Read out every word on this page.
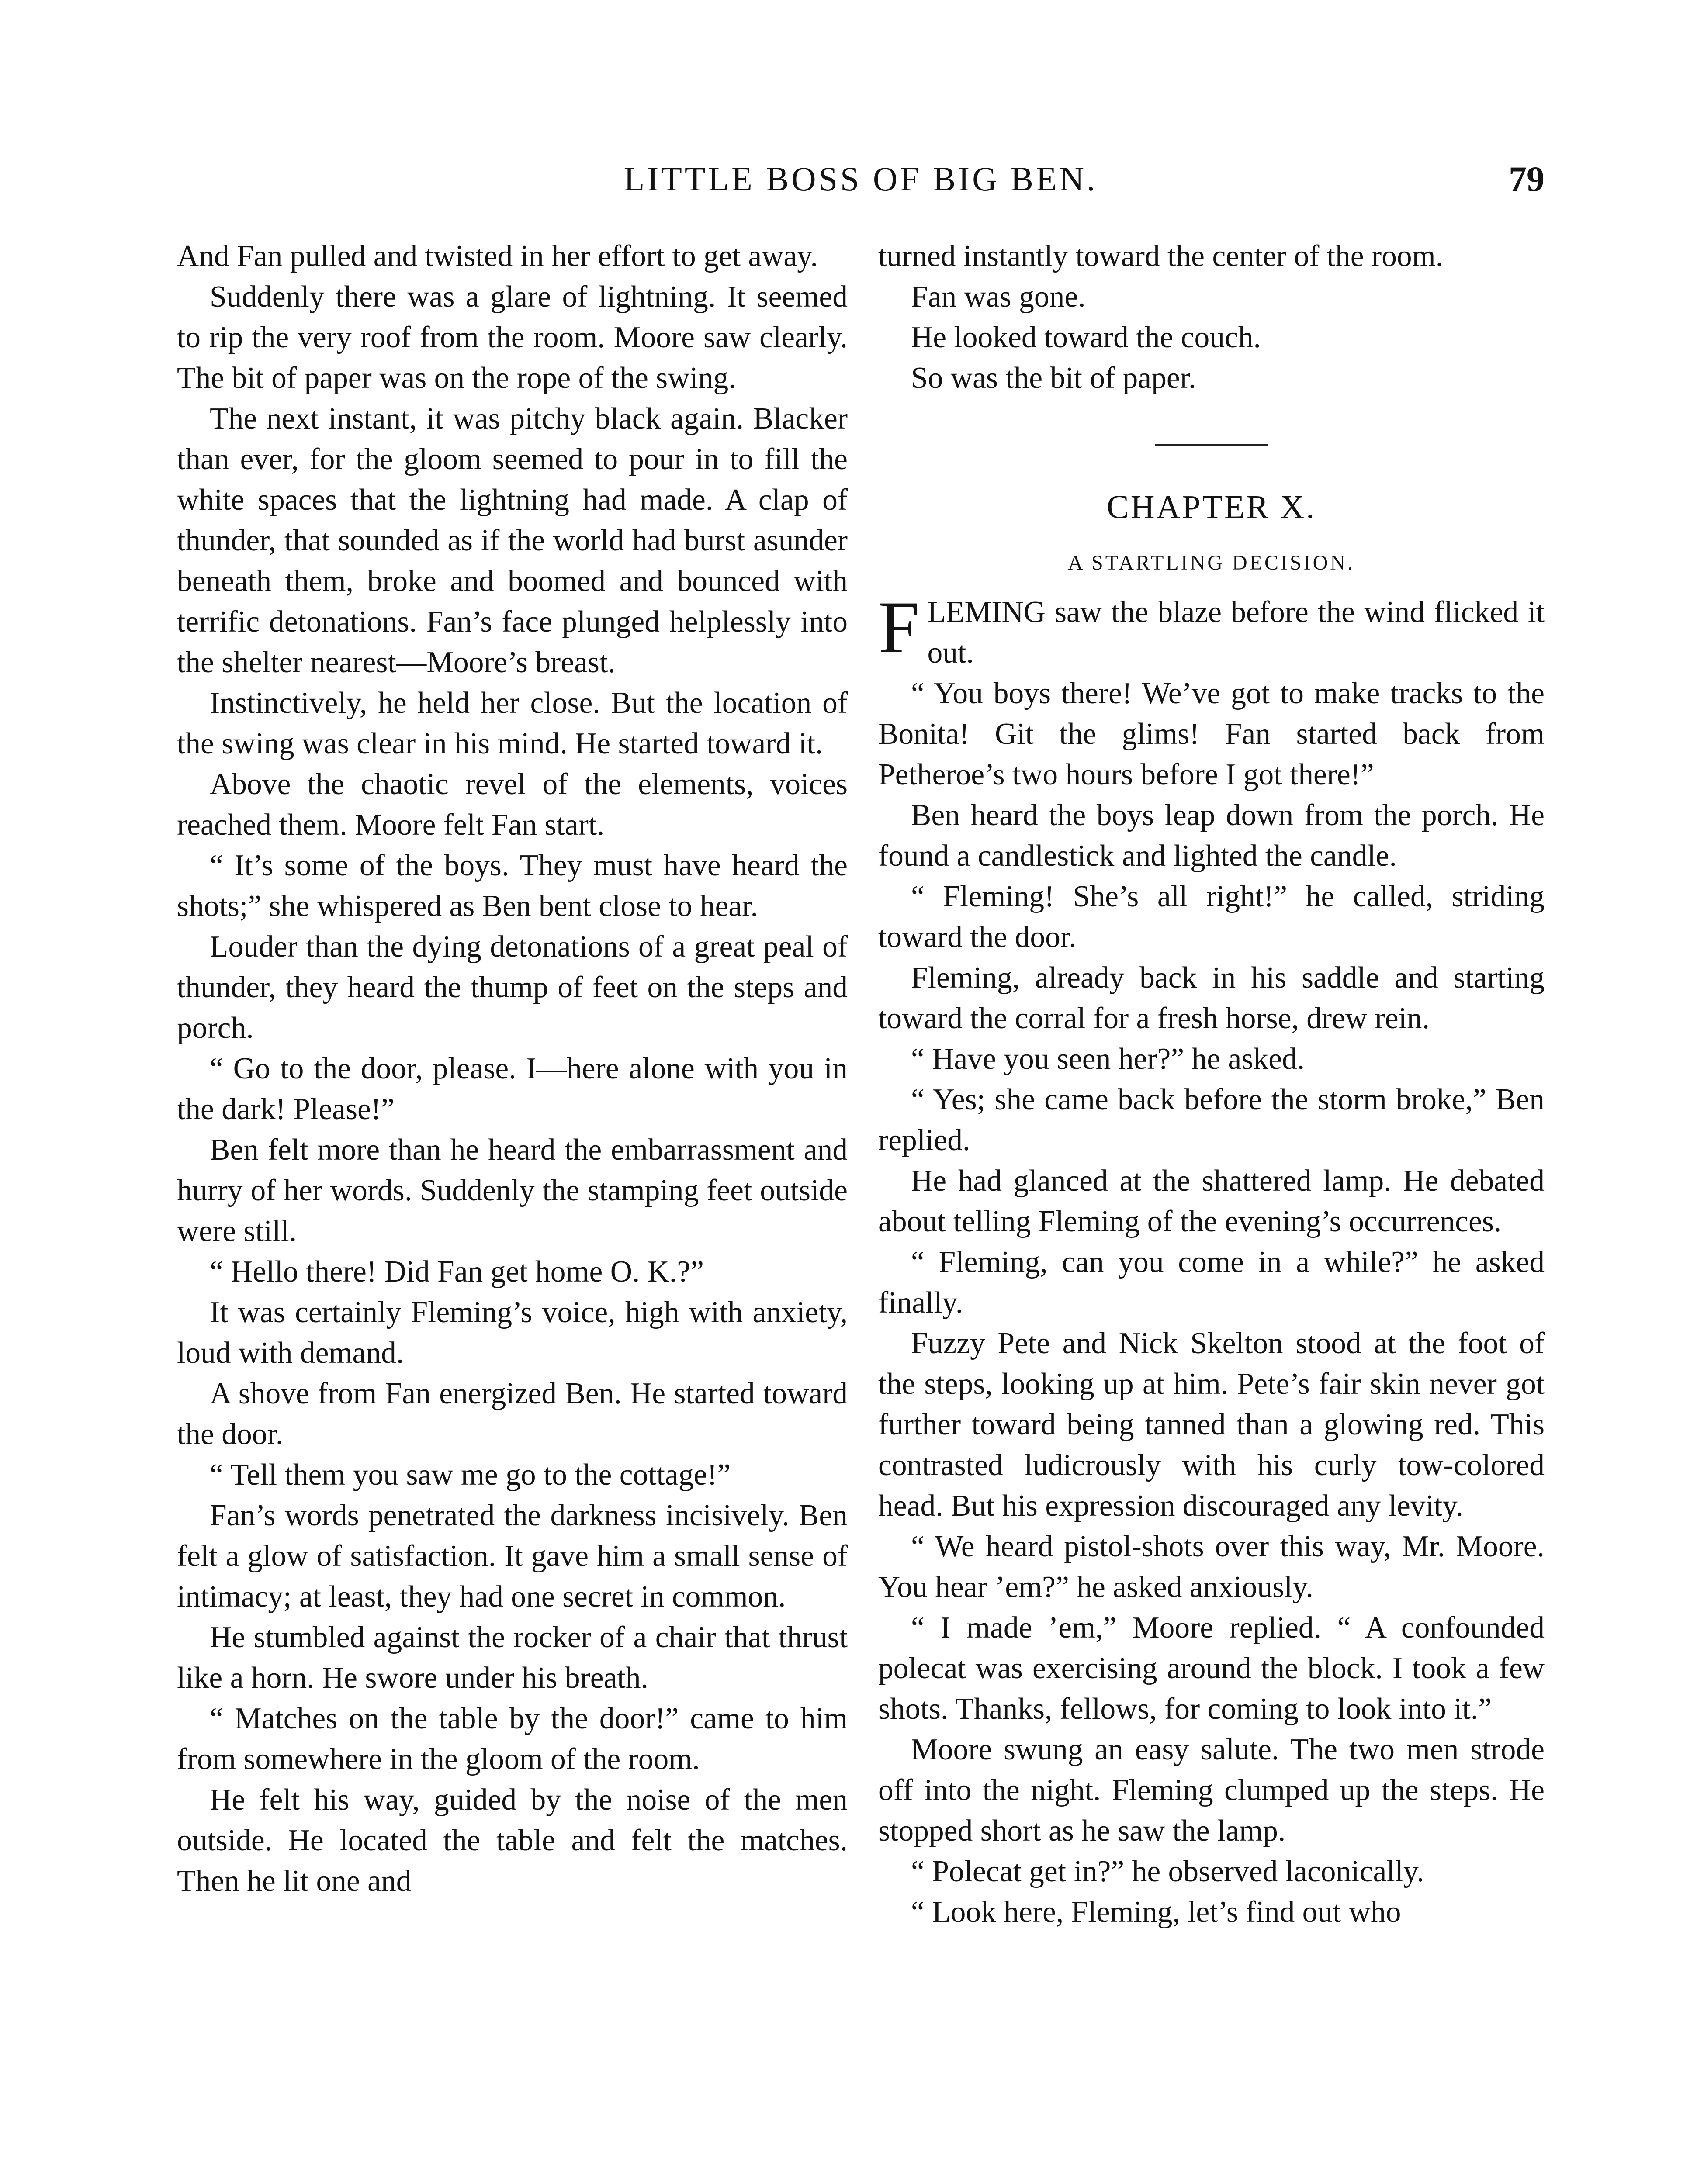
LITTLE BOSS OF BIG BEN.	79

And Fan pulled and twisted in her effort to get away.

Suddenly there was a glare of lightning. It seemed to rip the very roof from the room. Moore saw clearly. The bit of paper was on the rope of the swing.

The next instant, it was pitchy black again. Blacker than ever, for the gloom seemed to pour in to fill the white spaces that the lightning had made. A clap of thunder, that sounded as if the world had burst asunder beneath them, broke and boomed and bounced with terrific detonations. Fan’s face plunged helplessly into the shelter nearest—Moore’s breast.

Instinctively, he held her close. But the location of the swing was clear in his mind. He started toward it.

Above the chaotic revel of the elements, voices reached them. Moore felt Fan start.

“ It’s some of the boys. They must have heard the shots;” she whispered as Ben bent close to hear.

Louder than the dying detonations of a great peal of thunder, they heard the thump of feet on the steps and porch.

“ Go to the door, please. I—here alone with you in the dark! Please!”

Ben felt more than he heard the embarrassment and hurry of her words. Suddenly the stamping feet outside were still.

“ Hello there! Did Fan get home O. K.?”

It was certainly Fleming’s voice, high with anxiety, loud with demand.

A shove from Fan energized Ben. He started toward the door.

“ Tell them you saw me go to the cottage!”

Fan’s words penetrated the darkness incisively. Ben felt a glow of satisfaction. It gave him a small sense of intimacy; at least, they had one secret in common.

He stumbled against the rocker of a chair that thrust like a horn. He swore under his breath.

“ Matches on the table by the door!” came to him from somewhere in the gloom of the room.

He felt his way, guided by the noise of the men outside. He located the table and felt the matches. Then he lit one and

turned instantly toward the center of the room.

Fan was gone.

He looked toward the couch.

So was the bit of paper.

CHAPTER X.
A STARTLING DECISION.

FLEMING saw the blaze before the wind flicked it out.

“ You boys there! We’ve got to make tracks to the Bonita! Git the glims! Fan started back from Petheroe’s two hours before I got there!”

Ben heard the boys leap down from the porch. He found a candlestick and lighted the candle.

“ Fleming! She’s all right!” he called, striding toward the door.

Fleming, already back in his saddle and starting toward the corral for a fresh horse, drew rein.

“ Have you seen her?” he asked.

“ Yes; she came back before the storm broke,” Ben replied.

He had glanced at the shattered lamp. He debated about telling Fleming of the evening’s occurrences.

“ Fleming, can you come in a while?” he asked finally.

Fuzzy Pete and Nick Skelton stood at the foot of the steps, looking up at him. Pete’s fair skin never got further toward being tanned than a glowing red. This contrasted ludicrously with his curly tow-colored head. But his expression discouraged any levity.

“ We heard pistol-shots over this way, Mr. Moore. You hear ’em?” he asked anxiously.

“ I made ’em,” Moore replied. “ A confounded polecat was exercising around the block. I took a few shots. Thanks, fellows, for coming to look into it.”

Moore swung an easy salute. The two men strode off into the night. Fleming clumped up the steps. He stopped short as he saw the lamp.

“ Polecat get in?” he observed laconically.

“ Look here, Fleming, let’s find out who
